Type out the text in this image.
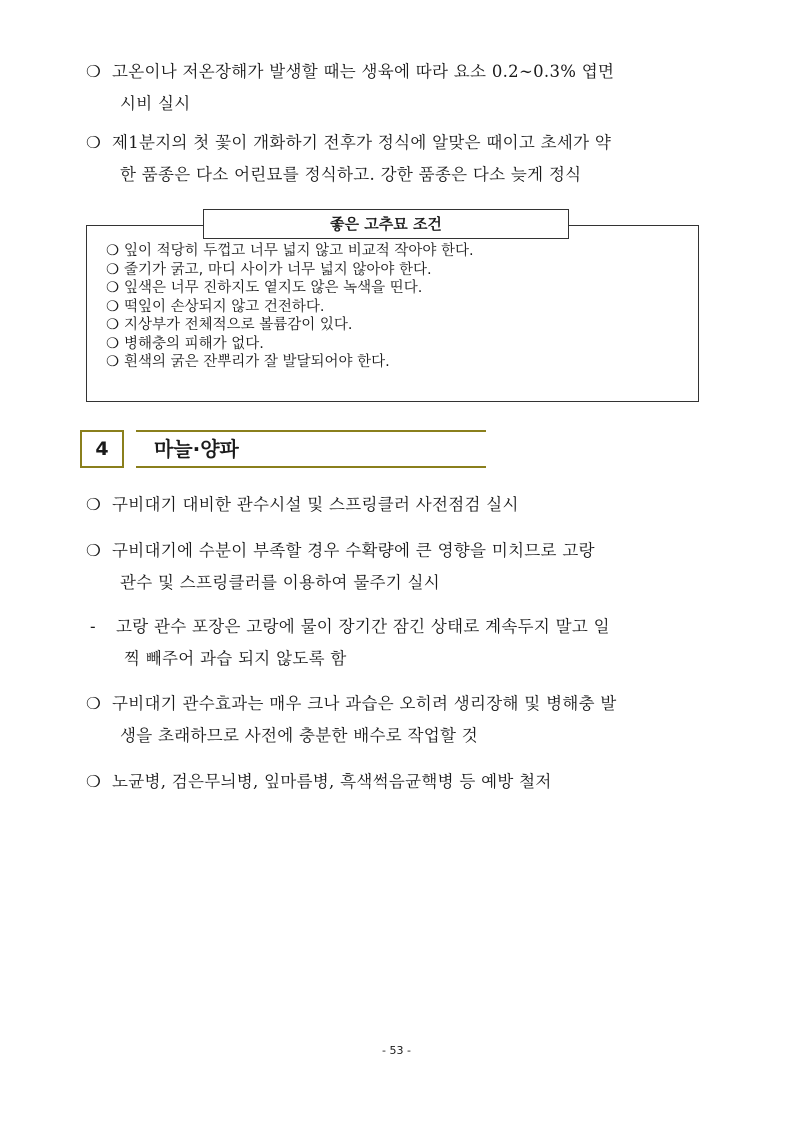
❍ 고온이나 저온장해가 발생할 때는 생육에 따라 요소 0.2∼0.3% 엽면
시비 실시
❍ 제1분지의 첫 꽃이 개화하기 전후가 정식에 알맞은 때이고 초세가 약
한 품종은 다소 어린묘를 정식하고. 강한 품종은 다소 늦게 정식
좋은 고추묘 조건
❍ 잎이 적당히 두껍고 너무 넓지 않고 비교적 작아야 한다.
❍ 줄기가 굵고, 마디 사이가 너무 넓지 않아야 한다.
❍ 잎색은 너무 진하지도 옅지도 않은 녹색을 띤다.
❍ 떡잎이 손상되지 않고 건전하다.
❍ 지상부가 전체적으로 볼륨감이 있다.
❍ 병해충의 피해가 없다.
❍ 흰색의 굵은 잔뿌리가 잘 발달되어야 한다.
4	마늘·양파
❍ 구비대기 대비한 관수시설 및 스프링클러 사전점검 실시
❍ 구비대기에 수분이 부족할 경우 수확량에 큰 영향을 미치므로 고랑
관수 및 스프링클러를 이용하여 물주기 실시
- 고랑 관수 포장은 고랑에 물이 장기간 잠긴 상태로 계속두지 말고 일
찍 빼주어 과습 되지 않도록 함
❍ 구비대기 관수효과는 매우 크나 과습은 오히려 생리장해 및 병해충 발
생을 초래하므로 사전에 충분한 배수로 작업할 것
❍ 노균병, 검은무늬병, 잎마름병, 흑색썩음균핵병 등 예방 철저
- 53 -
